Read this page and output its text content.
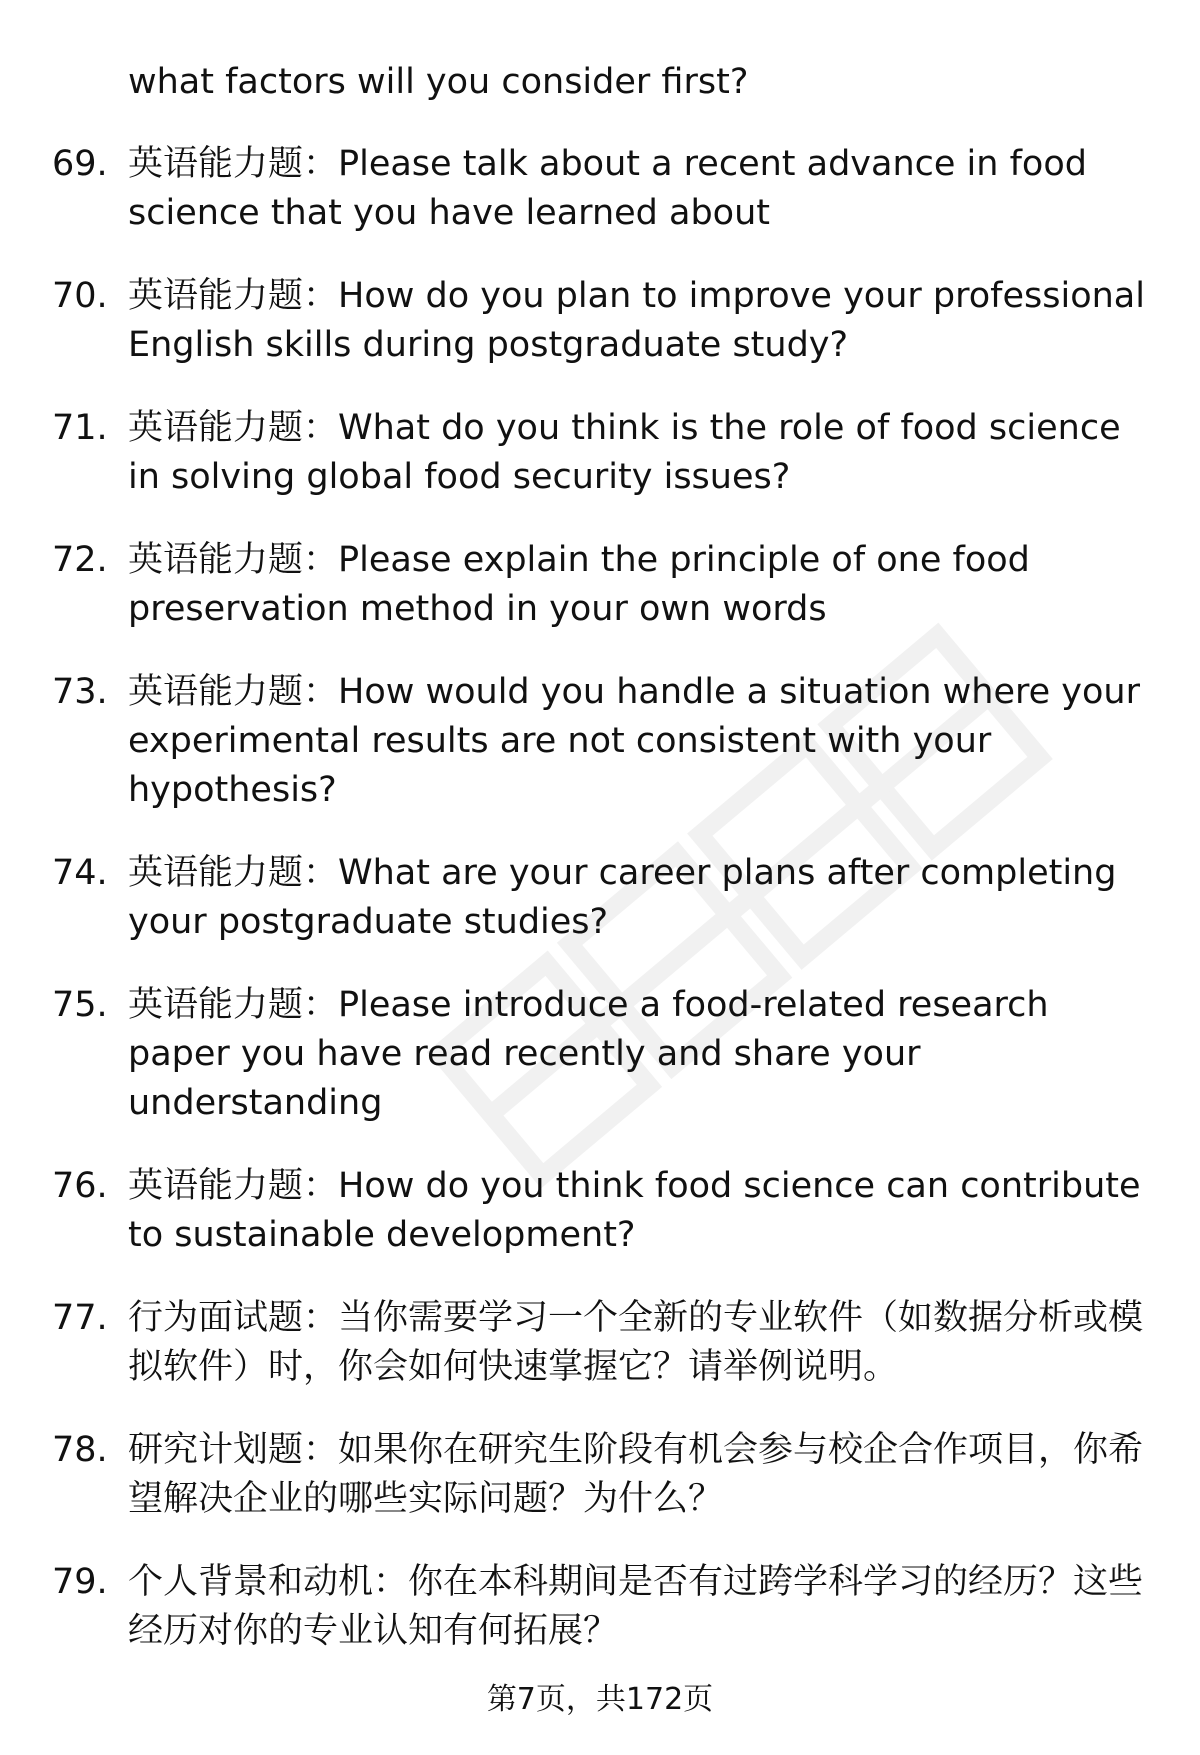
what factors will you consider first?

69. 英语能力题：Please talk about a recent advance in food science that you have learned about
70. 英语能力题：How do you plan to improve your professional English skills during postgraduate study?
71. 英语能力题：What do you think is the role of food science in solving global food security issues?
72. 英语能力题：Please explain the principle of one food preservation method in your own words
73. 英语能力题：How would you handle a situation where your experimental results are not consistent with your hypothesis?
74. 英语能力题：What are your career plans after completing your postgraduate studies?
75. 英语能力题：Please introduce a food-related research paper you have read recently and share your understanding
76. 英语能力题：How do you think food science can contribute to sustainable development?
77. 行为面试题：当你需要学习一个全新的专业软件（如数据分析或模拟软件）时，你会如何快速掌握它？请举例说明。
78. 研究计划题：如果你在研究生阶段有机会参与校企合作项目，你希望解决企业的哪些实际问题？为什么？
79. 个人背景和动机：你在本科期间是否有过跨学科学习的经历？这些经历对你的专业认知有何拓展？
第7页，共172页
